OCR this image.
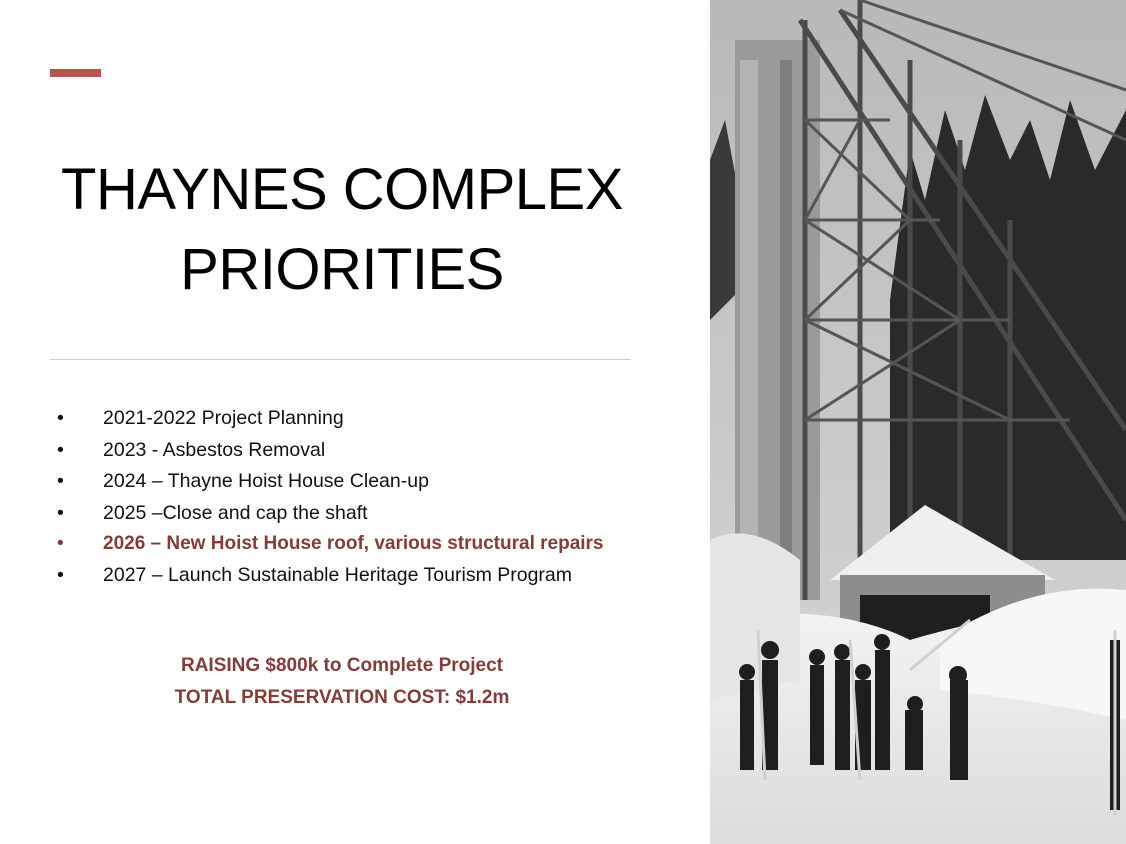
THAYNES COMPLEX
PRIORITIES
•	2021-2022 Project Planning
•	2023 - Asbestos Removal
•	2024 – Thayne Hoist House Clean-up
•	2025 –Close and cap the shaft
•	2026 – New Hoist House roof, various structural repairs
•	2027 – Launch Sustainable Heritage Tourism Program
RAISING $800k to Complete Project
TOTAL PRESERVATION COST: $1.2m
